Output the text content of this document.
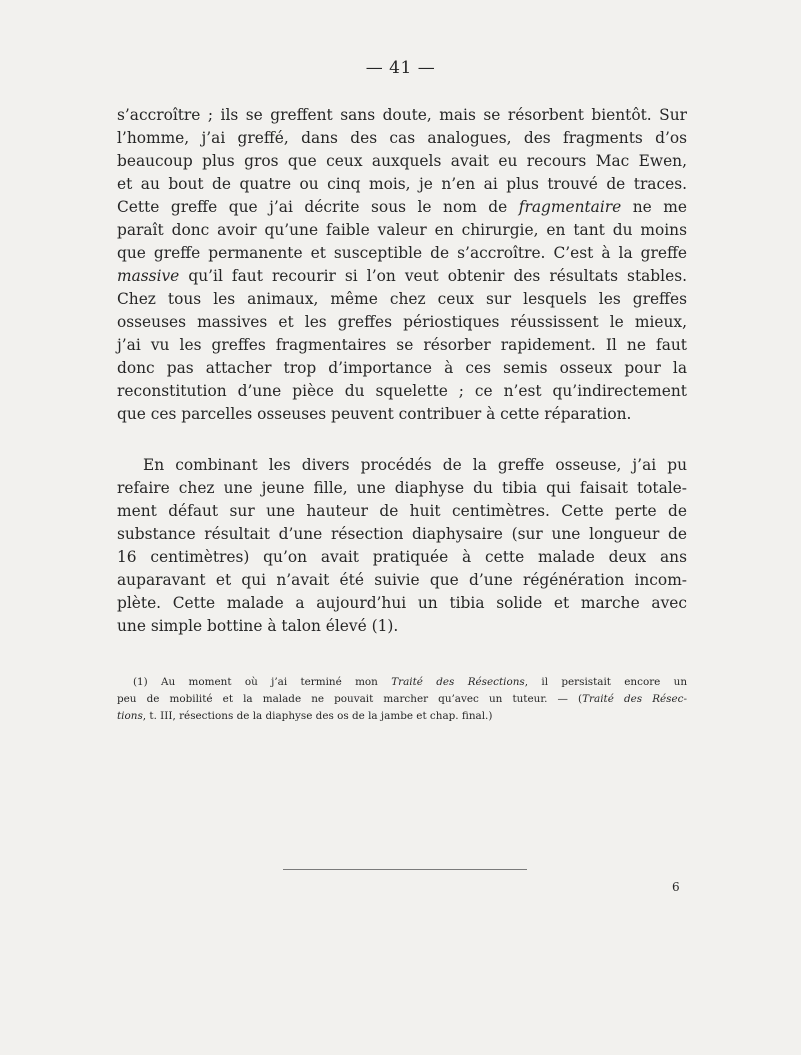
— 41 —
s’accroître ; ils se greffent sans doute, mais se résorbent bientôt. Sur
l’homme, j’ai greffé, dans des cas analogues, des fragments d’os
beaucoup plus gros que ceux auxquels avait eu recours Mac Ewen,
et au bout de quatre ou cinq mois, je n’en ai plus trouvé de traces.
Cette greffe que j’ai décrite sous le nom de fragmentaire ne me
paraît donc avoir qu’une faible valeur en chirurgie, en tant du moins
que greffe permanente et susceptible de s’accroître. C’est à la greffe
massive qu’il faut recourir si l’on veut obtenir des résultats stables.
Chez tous les animaux, même chez ceux sur lesquels les greffes
osseuses massives et les greffes périostiques réussissent le mieux,
j’ai vu les greffes fragmentaires se résorber rapidement. Il ne faut
donc pas attacher trop d’importance à ces semis osseux pour la
reconstitution d’une pièce du squelette ; ce n’est qu’indirectement
que ces parcelles osseuses peuvent contribuer à cette réparation.
En combinant les divers procédés de la greffe osseuse, j’ai pu
refaire chez une jeune fille, une diaphyse du tibia qui faisait totale-
ment défaut sur une hauteur de huit centimètres. Cette perte de
substance résultait d’une résection diaphysaire (sur une longueur de
16 centimètres) qu’on avait pratiquée à cette malade deux ans
auparavant et qui n’avait été suivie que d’une régénération incom-
plète. Cette malade a aujourd’hui un tibia solide et marche avec
une simple bottine à talon élevé (1).
(1) Au moment où j’ai terminé mon Traité des Résections, il persistait encore un
peu de mobilité et la malade ne pouvait marcher qu’avec un tuteur. — (Traité des Résec-
tions, t. III, résections de la diaphyse des os de la jambe et chap. final.)
6
